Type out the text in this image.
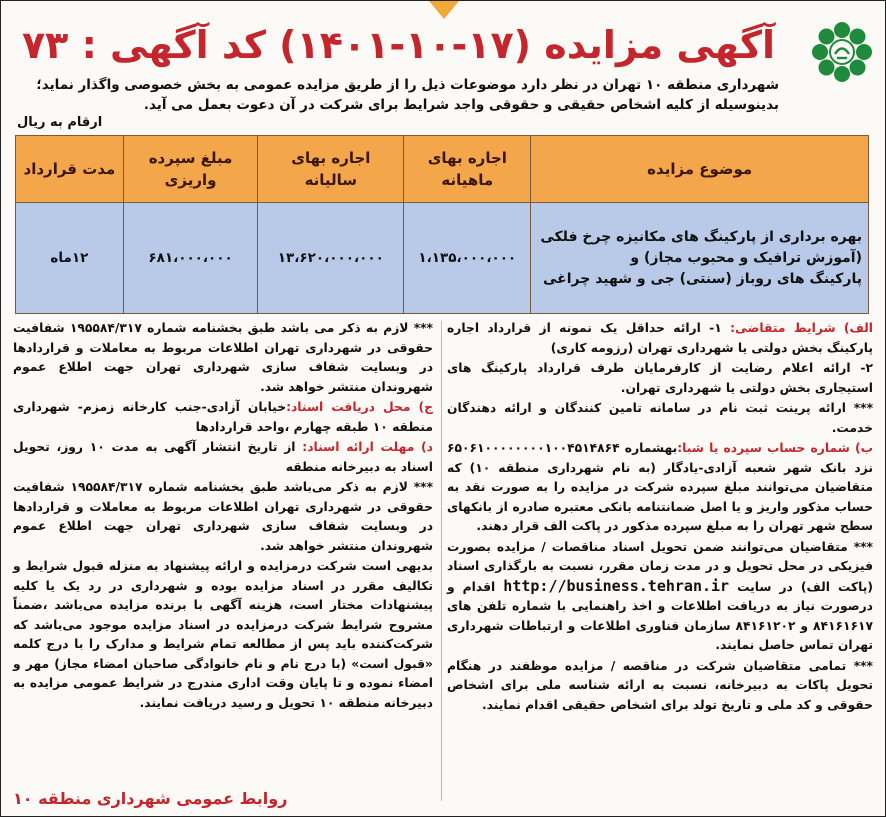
آگهی مزایده (۱۷-۱۰-۱۴۰۱) کد آگهی : ۷۳
شهرداری منطقه ۱۰ تهران در نظر دارد موضوعات ذیل را از طریق مزایده عمومی به بخش خصوصی واگذار نماید؛
بدینوسیله از کلیه اشخاص حقیقی و حقوقی واجد شرایط برای شرکت در آن دعوت بعمل می آید.
ارقام به ریال
موضوع مزایده	اجاره بهای ماهیانه	اجاره بهای سالیانه	مبلغ سپرده واریزی	مدت قرارداد

بهره برداری از پارکینگ های مکانیزه چرخ فلکی
(آموزش ترافیک و محبوب مجاز) و
پارکینگ های روباز (سنتی) جی و شهید چراغی	۱،۱۳۵،۰۰۰،۰۰۰	۱۳،۶۲۰،۰۰۰،۰۰۰	۶۸۱،۰۰۰،۰۰۰	۱۲ماه

الف) شرایط متقاضی: ۱- ارائه حداقل یک نمونه از قرارداد اجاره پارکینگ بخش دولتی یا شهرداری تهران (رزومه کاری)

۲- ارائه اعلام رضایت از کارفرمایان طرف قرارداد پارکینگ های استیجاری بخش دولتی یا شهرداری تهران.

*** ارائه پرینت ثبت نام در سامانه تامین کنندگان و ارائه دهندگان خدمت.

ب) شماره حساب سپرده یا شبا:بهشماره ۶۵۰۶۱۰۰۰۰۰۰۰۰۱۰۰۴۵۱۴۸۶۴ نزد بانک شهر شعبه آزادی-یادگار (به نام شهرداری منطقه ۱۰) که متقاضیان می‌توانند مبلغ سپرده شرکت در مزایده را به صورت نقد به حساب مذکور واریز و یا اصل ضمانتنامه بانکی معتبره صادره از بانکهای سطح شهر تهران را به مبلغ سپرده مذکور در پاکت الف قرار دهند.

*** متقاضیان می‌توانند ضمن تحویل اسناد مناقصات / مزایده بصورت فیزیکی در محل تحویل و در مدت زمان مقرر، نسبت به بارگذاری اسناد (پاکت الف) در سایت http://business.tehran.ir اقدام و درصورت نیاز به دریافت اطلاعات و اخذ راهنمایی با شماره تلفن های ۸۴۱۶۱۶۱۷ و ۸۴۱۶۱۲۰۲ سازمان فناوری اطلاعات و ارتباطات شهرداری تهران تماس حاصل نمایند.

*** تمامی متقاضیان شرکت در مناقصه / مزایده موظفند در هنگام تحویل پاکات به دبیرخانه، نسبت به ارائه شناسه ملی برای اشخاص حقوقی و کد ملی و تاریخ تولد برای اشخاص حقیقی اقدام نمایند.

*** لازم به ذکر می باشد طبق بخشنامه شماره ۱۹۵۵۸۴/۳۱۷ شفافیت حقوقی در شهرداری تهران اطلاعات مربوط به معاملات و قراردادها در وبسایت شفاف سازی شهرداری تهران جهت اطلاع عموم شهروندان منتشر خواهد شد.

ج) محل دریافت اسناد:خیابان آزادی-جنب کارخانه زمزم- شهرداری منطقه ۱۰ طبقه چهارم ،واحد قراردادها

د) مهلت ارائه اسناد: از تاریخ انتشار آگهی به مدت ۱۰ روز، تحویل اسناد به دبیرخانه منطقه

*** لازم به ذکر می‌باشد طبق بخشنامه شماره ۱۹۵۵۸۴/۳۱۷ شفافیت حقوقی در شهرداری تهران اطلاعات مربوط به معاملات و قراردادها در وبسایت شفاف سازی شهرداری تهران جهت اطلاع عموم شهروندان منتشر خواهد شد.

بدیهی است شرکت درمزایده و ارائه پیشنهاد به منزله قبول شرایط و تکالیف مقرر در اسناد مزایده بوده و شهرداری در رد یک یا کلیه پیشنهادات مختار است، هزینه آگهی با برنده مزایده می‌باشد ،ضمناً مشروح شرایط شرکت درمزایده در اسناد مزایده موجود می‌باشد که شرکت‌کننده باید پس از مطالعه تمام شرایط و مدارک را با درج کلمه «قبول است» (با درج نام و نام خانوادگی صاحبان امضاء مجاز) مهر و امضاء نموده و تا پایان وقت اداری مندرج در شرایط عمومی مزایده به دبیرخانه منطقه ۱۰ تحویل و رسید دریافت نمایند.

روابط عمومی شهرداری منطقه ۱۰
